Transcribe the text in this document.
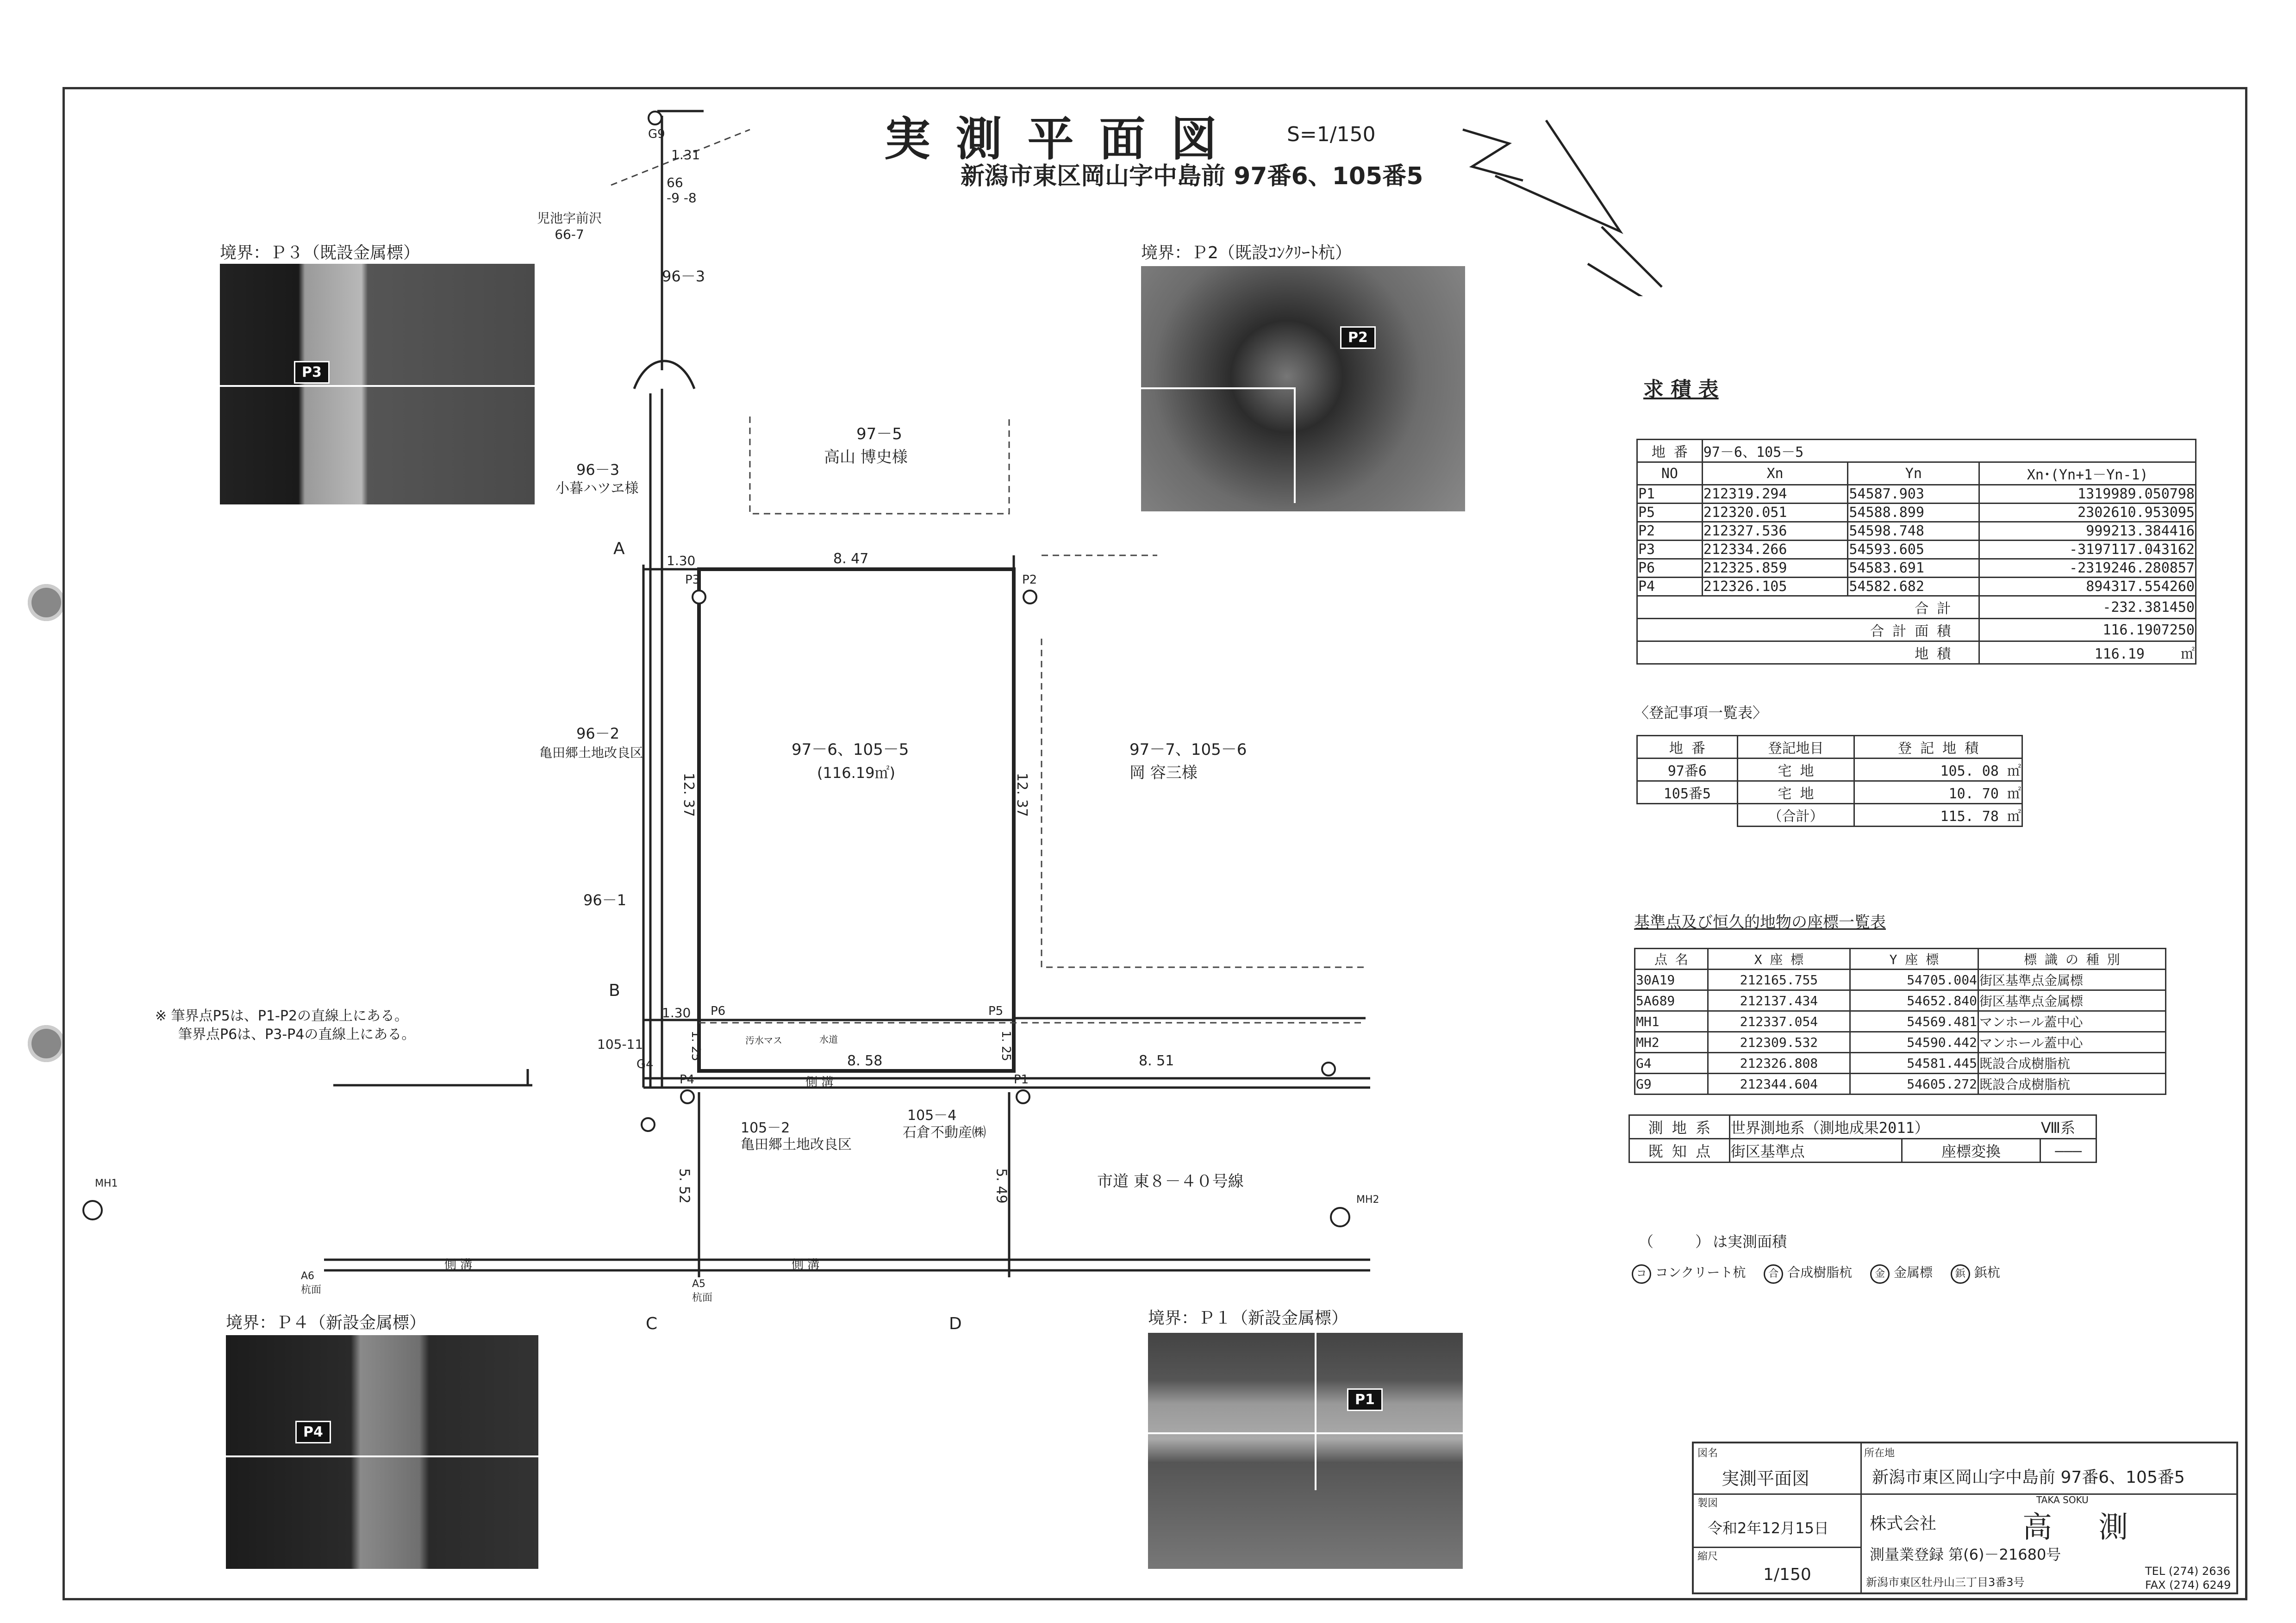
実 測 平 面 図	S=1/150
新潟市東区岡山字中島前 97番6、105番5
境界：Ｐ３（既設金属標）
P3
境界：Ｐ2（既設ｺﾝｸﾘｰﾄ杭）
P2
境界：Ｐ４（新設金属標）
P4
境界：Ｐ１（新設金属標）
P1
G9
1.31
66
-9 -8
児池字前沢
66-7
96－3
96－3
小暮ハツヱ様
97－5
高山 博史様
A
1.30	8. 47
P3	P2
96－2
亀田郷土地改良区	97－6、105－5
(116.19㎡)
12. 37	12. 37
97－7、105－6
岡 容三様
96－1
B
105-11
1.30 P6	P5
1. 25	1. 25
汚水マス	水道
8. 58	8. 51
G4
P4	P1
側 溝
側 溝	側 溝
105－2
亀田郷土地改良区
105－4
石倉不動産㈱
5. 52	5. 49	市道 東８－４０号線
MH1
MH2
A6
杭面
A5
杭面
C	D
※ 筆界点P5は、P1-P2の直線上にある。
筆界点P6は、P3-P4の直線上にある。
求 積 表
地 番	97－6、105－5		
NO	Xn	Yn	Xn･(Yn+1－Yn-1)
P1	212319.294	54587.903	1319989.050798
P5	212320.051	54588.899	2302610.953095
P2	212327.536	54598.748	999213.384416
P3	212334.266	54593.605	-3197117.043162
P6	212325.859	54583.691	-2319246.280857
P4	212326.105	54582.682	894317.554260
合 計			-232.381450
合 計 面 積			116.1907250
地 積			116.19 ㎡
〈登記事項一覧表〉
地 番	登記地目	登 記 地 積
97番6	宅 地	105. 08 ㎡
105番5	宅 地	10. 70 ㎡
	（合計）	115. 78 ㎡
基準点及び恒久的地物の座標一覧表
点 名	X 座 標	Y 座 標	標 識 の 種 別
30A19	212165.755	54705.004	街区基準点金属標
5A689	212137.434	54652.840	街区基準点金属標
MH1	212337.054	54569.481	マンホール蓋中心
MH2	212309.532	54590.442	マンホール蓋中心
G4	212326.808	54581.445	既設合成樹脂杭
G9	212344.604	54605.272	既設合成樹脂杭
測 地 系	世界測地系（測地成果2011）		Ⅷ系
既 知 点	街区基準点	座標変換	―――
（ ）
は実測面積
コ コンクリート杭 合 合成樹脂杭 金 金属標 鋲 鋲杭
図名
実測平面図
所在地
新潟市東区岡山字中島前 97番6、105番5
製図
令和2年12月15日
縮尺
1/150
株式会社
TAKA SOKU
高 測
測量業登録 第(6)－21680号
新潟市東区牡丹山三丁目3番3号
TEL (274) 2636
FAX (274) 6249
